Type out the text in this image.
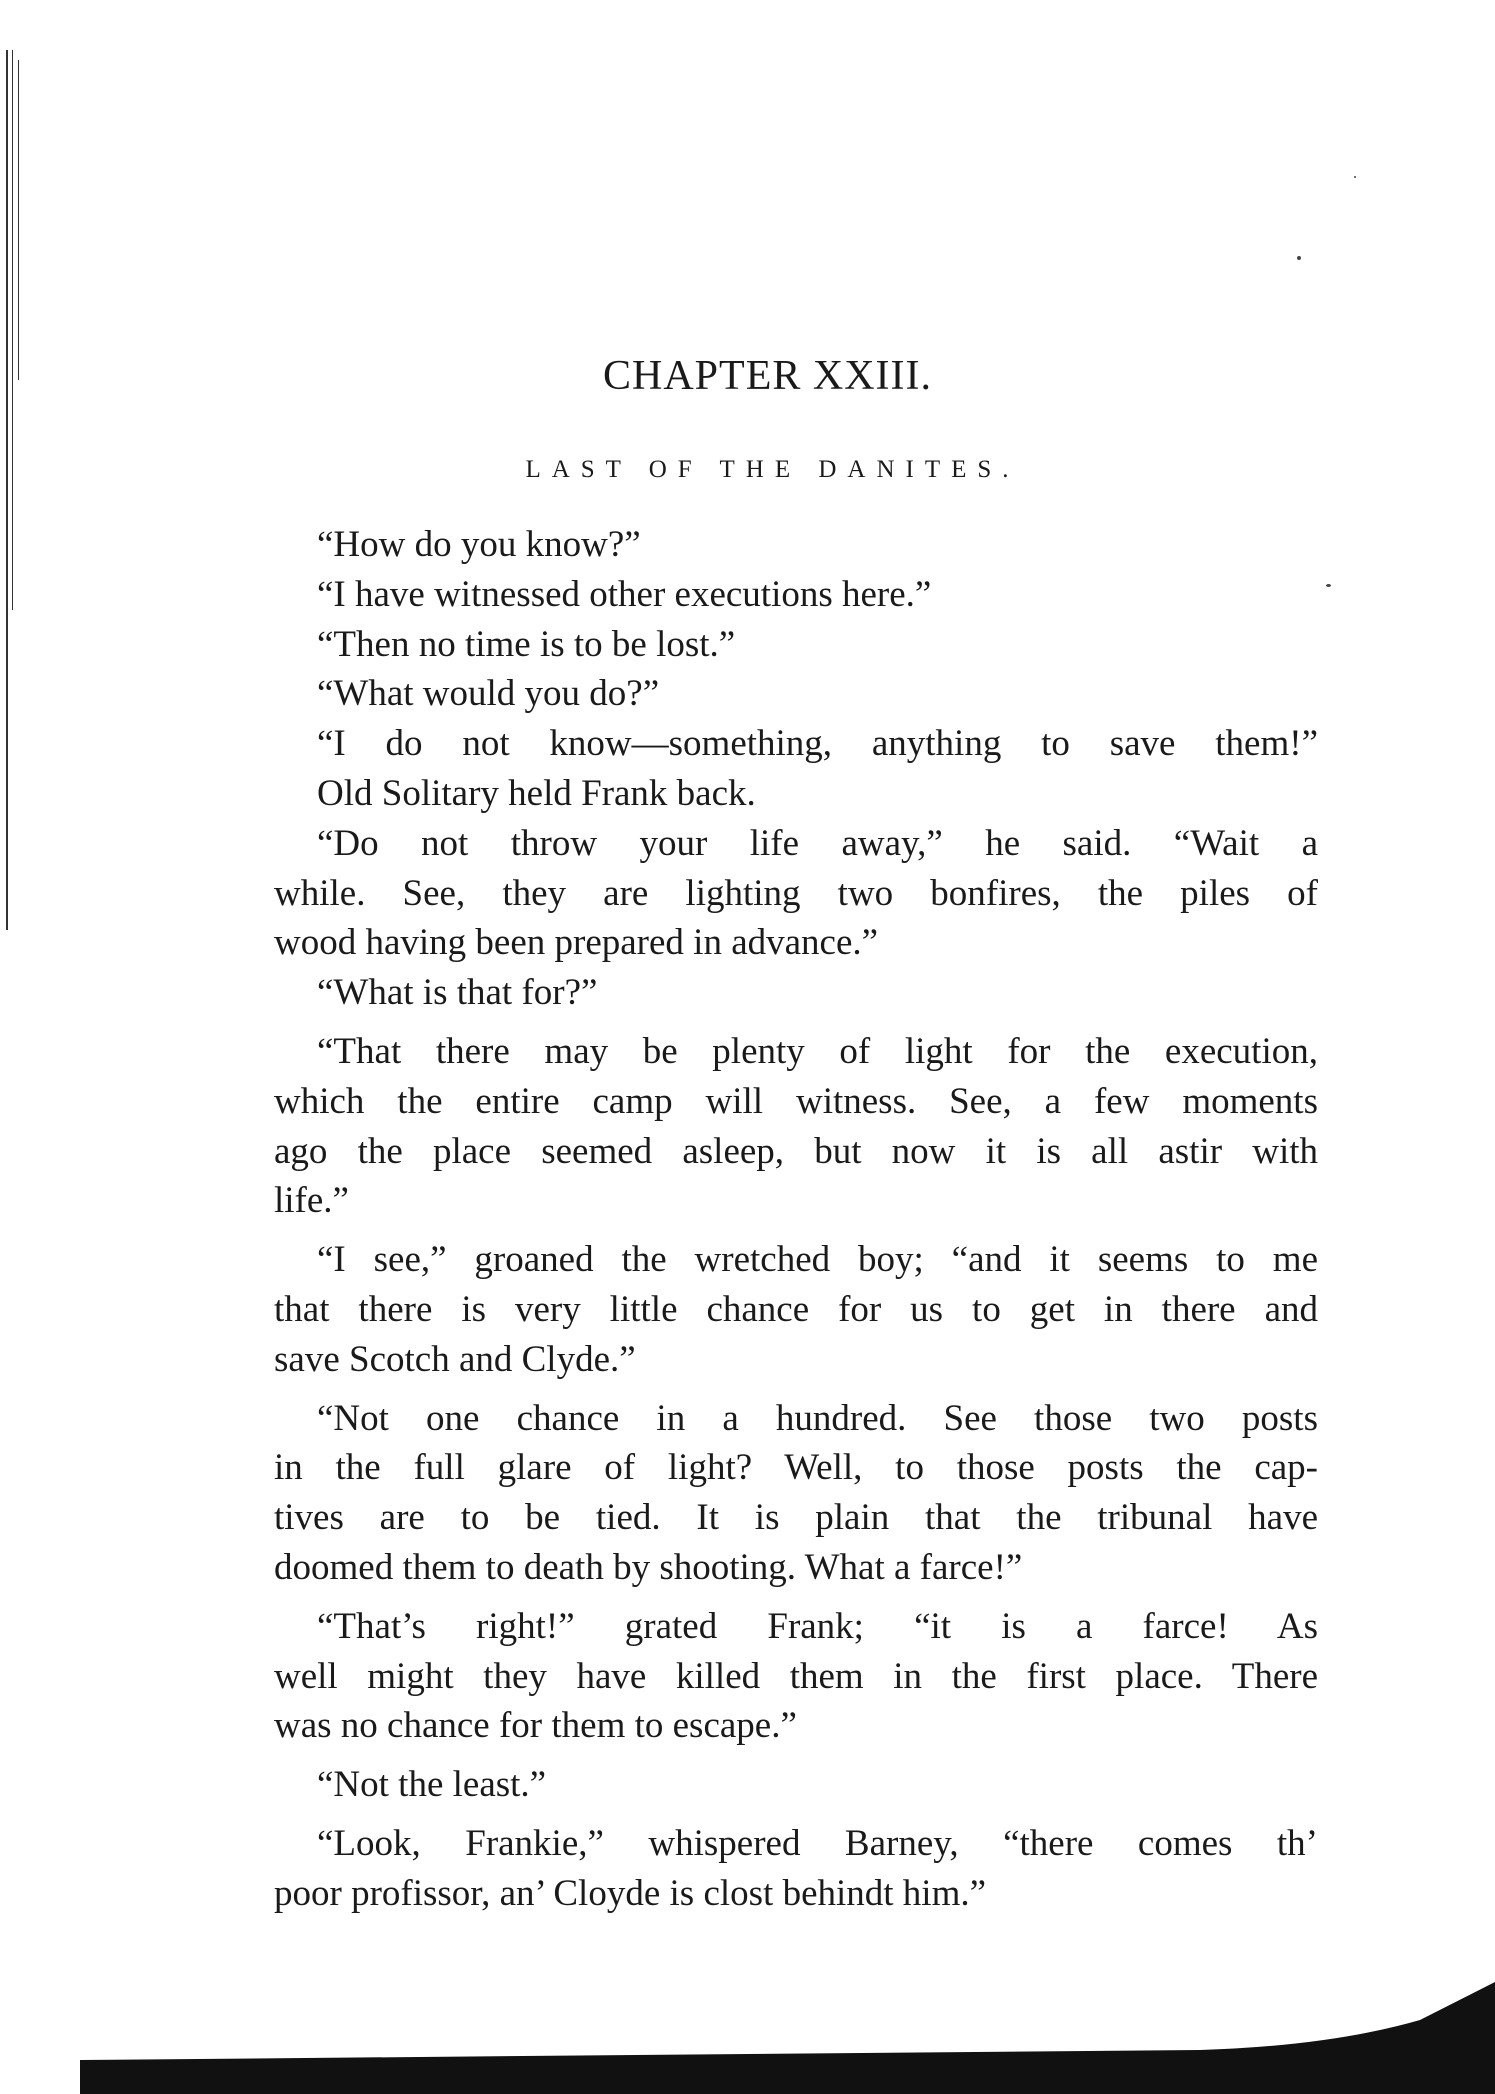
CHAPTER XXIII.
LAST OF THE DANITES.
“How do you know?”
“I have witnessed other executions here.”
“Then no time is to be lost.”
“What would you do?”
“I do not know—something, anything to save them!”
Old Solitary held Frank back.
“Do not throw your life away,” he said. “Wait a
while. See, they are lighting two bonfires, the piles of
wood having been prepared in advance.”
“What is that for?”
“That there may be plenty of light for the execution,
which the entire camp will witness. See, a few moments
ago the place seemed asleep, but now it is all astir with
life.”
“I see,” groaned the wretched boy; “and it seems to me
that there is very little chance for us to get in there and
save Scotch and Clyde.”
“Not one chance in a hundred. See those two posts
in the full glare of light? Well, to those posts the cap-
tives are to be tied. It is plain that the tribunal have
doomed them to death by shooting. What a farce!”
“That’s right!” grated Frank; “it is a farce! As
well might they have killed them in the first place. There
was no chance for them to escape.”
“Not the least.”
“Look, Frankie,” whispered Barney, “there comes th’
poor profissor, an’ Cloyde is clost behindt him.”
